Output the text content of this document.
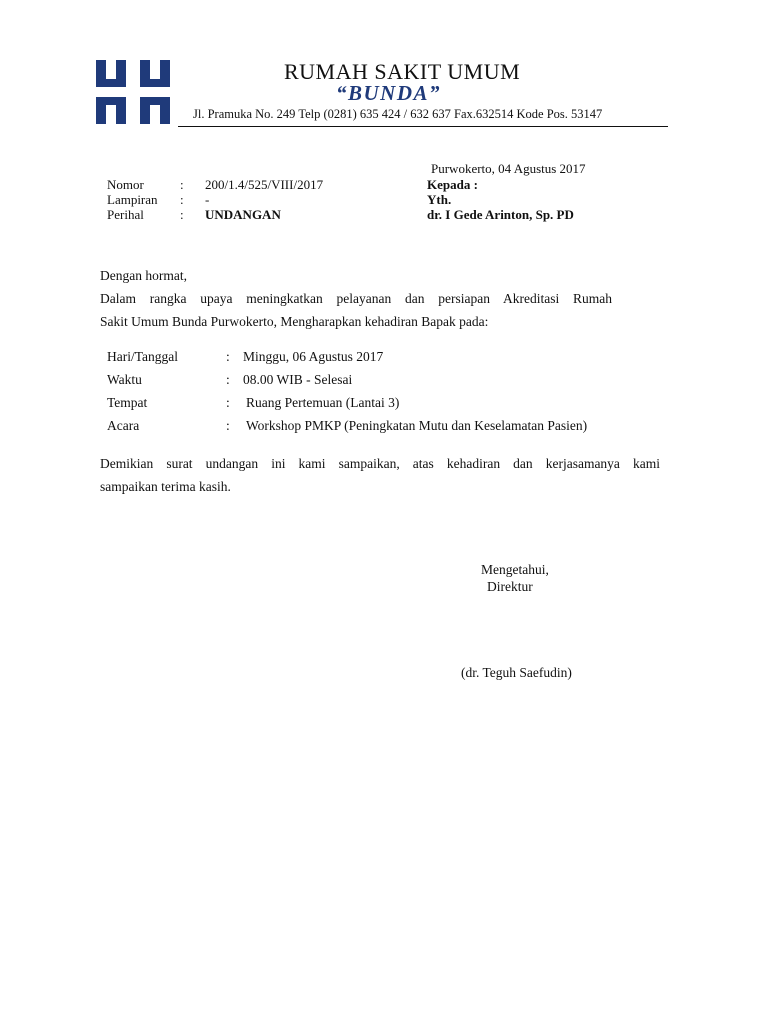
RUMAH SAKIT UMUM
“BUNDA”
Jl. Pramuka No. 249 Telp (0281) 635 424 / 632 637 Fax.632514 Kode Pos. 53147
Purwokerto, 04 Agustus 2017
Nomor	: 200/1.4/525/VIII/2017
Lampiran : -
Perihal	: UNDANGAN
Kepada :
Yth.
dr. I Gede Arinton, Sp. PD
Dengan hormat,
Dalam rangka upaya meningkatkan pelayanan dan persiapan Akreditasi Rumah
Sakit Umum Bunda Purwokerto, Mengharapkan kehadiran Bapak pada:
Hari/Tanggal	: Minggu, 06 Agustus 2017
Waktu	: 08.00 WIB - Selesai
Tempat	: Ruang Pertemuan (Lantai 3)
Acara	: Workshop PMKP (Peningkatan Mutu dan Keselamatan Pasien)
Demikian surat undangan ini kami sampaikan, atas kehadiran dan kerjasamanya kami
sampaikan terima kasih.
Mengetahui,
Direktur
(dr. Teguh Saefudin)
